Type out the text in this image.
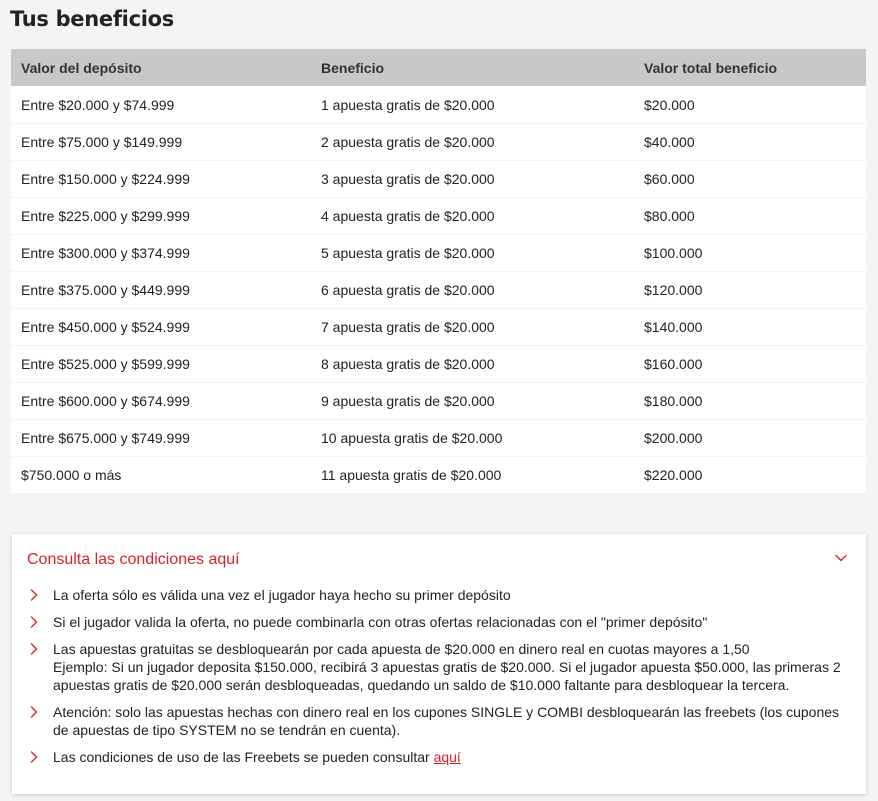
Tus beneficios
Valor del depósito	Beneficio	Valor total beneficio
Entre $20.000 y $74.999	1 apuesta gratis de $20.000	$20.000
Entre $75.000 y $149.999	2 apuesta gratis de $20.000	$40.000
Entre $150.000 y $224.999	3 apuesta gratis de $20.000	$60.000
Entre $225.000 y $299.999	4 apuesta gratis de $20.000	$80.000
Entre $300.000 y $374.999	5 apuesta gratis de $20.000	$100.000
Entre $375.000 y $449.999	6 apuesta gratis de $20.000	$120.000
Entre $450.000 y $524.999	7 apuesta gratis de $20.000	$140.000
Entre $525.000 y $599.999	8 apuesta gratis de $20.000	$160.000
Entre $600.000 y $674.999	9 apuesta gratis de $20.000	$180.000
Entre $675.000 y $749.999	10 apuesta gratis de $20.000	$200.000
$750.000 o más	11 apuesta gratis de $20.000	$220.000
Consulta las condiciones aquí
La oferta sólo es válida una vez el jugador haya hecho su primer depósito
Si el jugador valida la oferta, no puede combinarla con otras ofertas relacionadas con el "primer depósito"
Las apuestas gratuitas se desbloquearán por cada apuesta de $20.000 en dinero real en cuotas mayores a 1,50
Ejemplo: Si un jugador deposita $150.000, recibirá 3 apuestas gratis de $20.000. Si el jugador apuesta $50.000, las primeras 2 apuestas gratis de $20.000 serán desbloqueadas, quedando un saldo de $10.000 faltante para desbloquear la tercera.
Atención: solo las apuestas hechas con dinero real en los cupones SINGLE y COMBI desbloquearán las freebets (los cupones de apuestas de tipo SYSTEM no se tendrán en cuenta).
Las condiciones de uso de las Freebets se pueden consultar aquí
